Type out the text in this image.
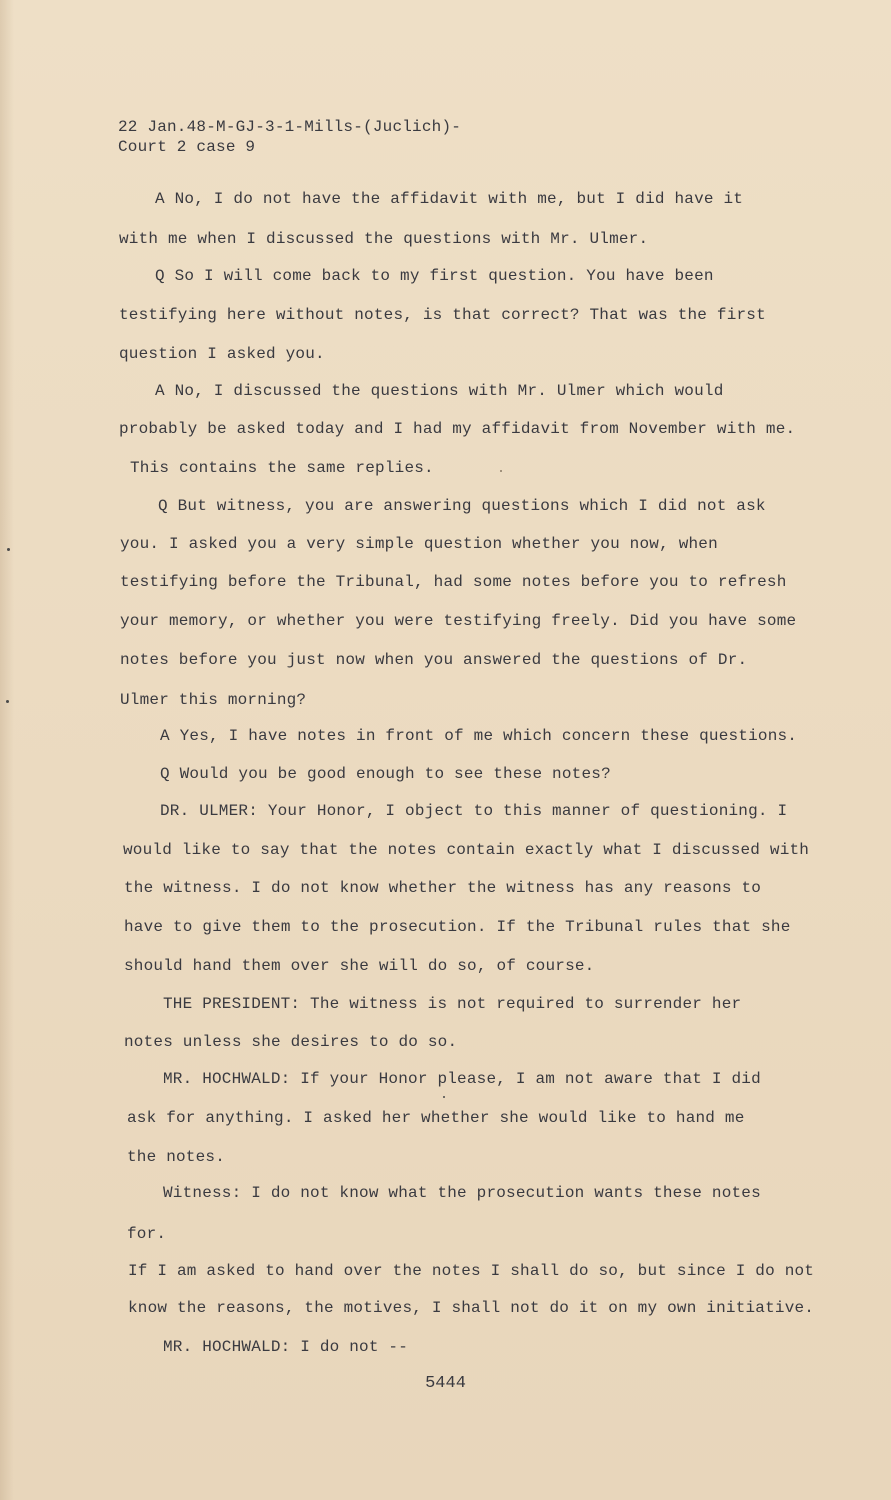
22 Jan.48-M-GJ-3-1-Mills-(Juclich)-

Court 2 case 9

A No, I do not have the affidavit with me, but I did have it

with me when I discussed the questions with Mr. Ulmer.

Q So I will come back to my first question. You have been

testifying here without notes, is that correct? That was the first

question I asked you.

A No, I discussed the questions with Mr. Ulmer which would

probably be asked today and I had my affidavit from November with me.

This contains the same replies.

Q But witness, you are answering questions which I did not ask

you. I asked you a very simple question whether you now, when

testifying before the Tribunal, had some notes before you to refresh

your memory, or whether you were testifying freely. Did you have some

notes before you just now when you answered the questions of Dr.

Ulmer this morning?

A Yes, I have notes in front of me which concern these questions.

Q Would you be good enough to see these notes?

DR. ULMER: Your Honor, I object to this manner of questioning. I

would like to say that the notes contain exactly what I discussed with

the witness. I do not know whether the witness has any reasons to

have to give them to the prosecution. If the Tribunal rules that she

should hand them over she will do so, of course.

THE PRESIDENT: The witness is not required to surrender her

notes unless she desires to do so.

MR. HOCHWALD: If your Honor please, I am not aware that I did

ask for anything. I asked her whether she would like to hand me

the notes.

Witness: I do not know what the prosecution wants these notes

for.

If I am asked to hand over the notes I shall do so, but since I do not

know the reasons, the motives, I shall not do it on my own initiative.

MR. HOCHWALD: I do not --

5444
